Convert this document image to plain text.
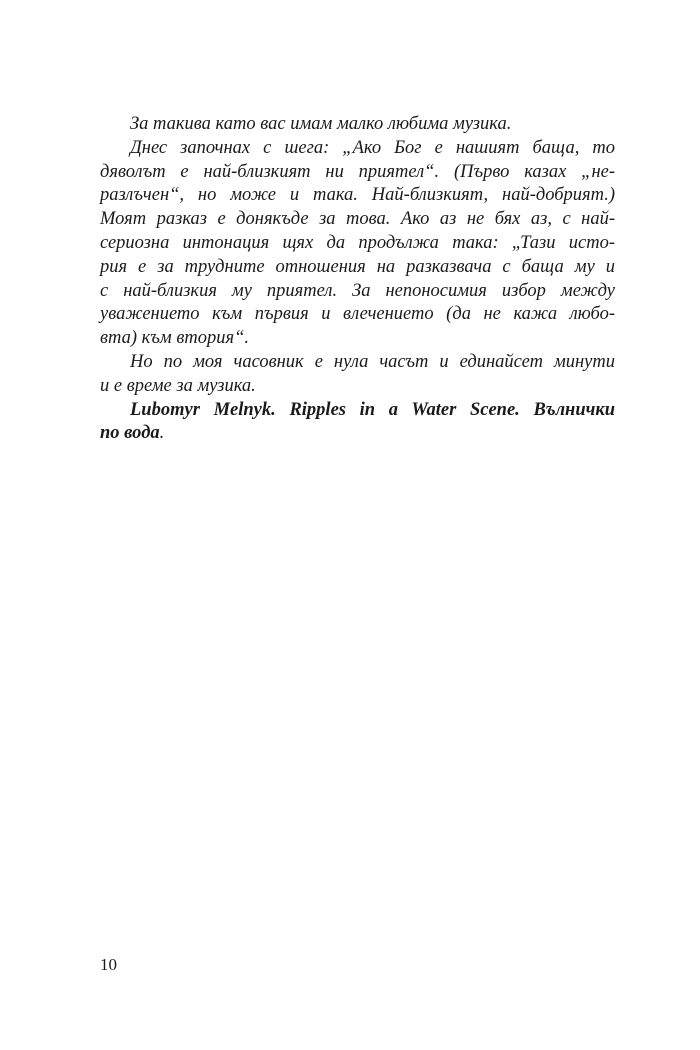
За такива като вас имам малко любима музика.
Днес започнах с шега: „Ако Бог е нашият баща, то
дяволът е най-близкият ни приятел“. (Първо казах „не-
разлъчен“, но може и така. Най-близкият, най-добрият.)
Моят разказ е донякъде за това. Ако аз не бях аз, с най-
сериозна интонация щях да продължа така: „Тази исто-
рия е за трудните отношения на разказвача с баща му и
с най-близкия му приятел. За непоносимия избор между
уважението към първия и влечението (да не кажа любо-
вта) към втория“.
Но по моя часовник е нула часът и единайсет минути
и е време за музика.
Lubomyr Melnyk. Ripples in a Water Scene. Вълнички
по вода.
10
